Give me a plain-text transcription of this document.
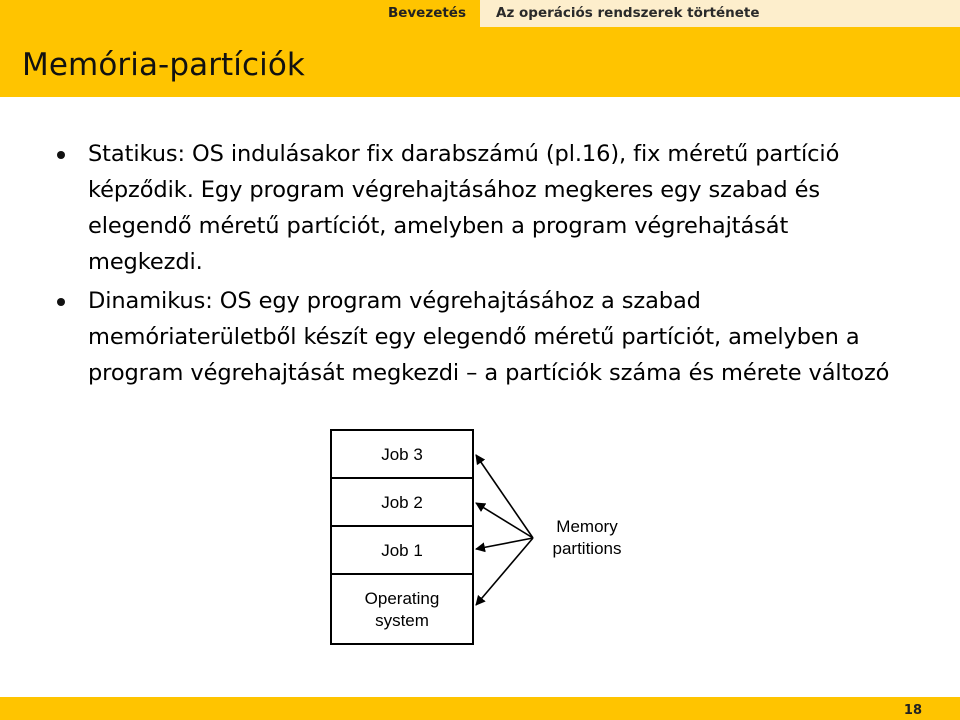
Bevezetés Az operációs rendszerek története
Memória-partíciók
Statikus: OS indulásakor fix darabszámú (pl.16), fix méretű partíció
képződik. Egy program végrehajtásához megkeres egy szabad és
elegendő méretű partíciót, amelyben a program végrehajtását
megkezdi.
Dinamikus: OS egy program végrehajtásához a szabad
memóriaterületből készít egy elegendő méretű partíciót, amelyben a
program végrehajtását megkezdi – a partíciók száma és mérete változó
Job 3
Job 2
Job 1
Operating system
Memory partitions
18
